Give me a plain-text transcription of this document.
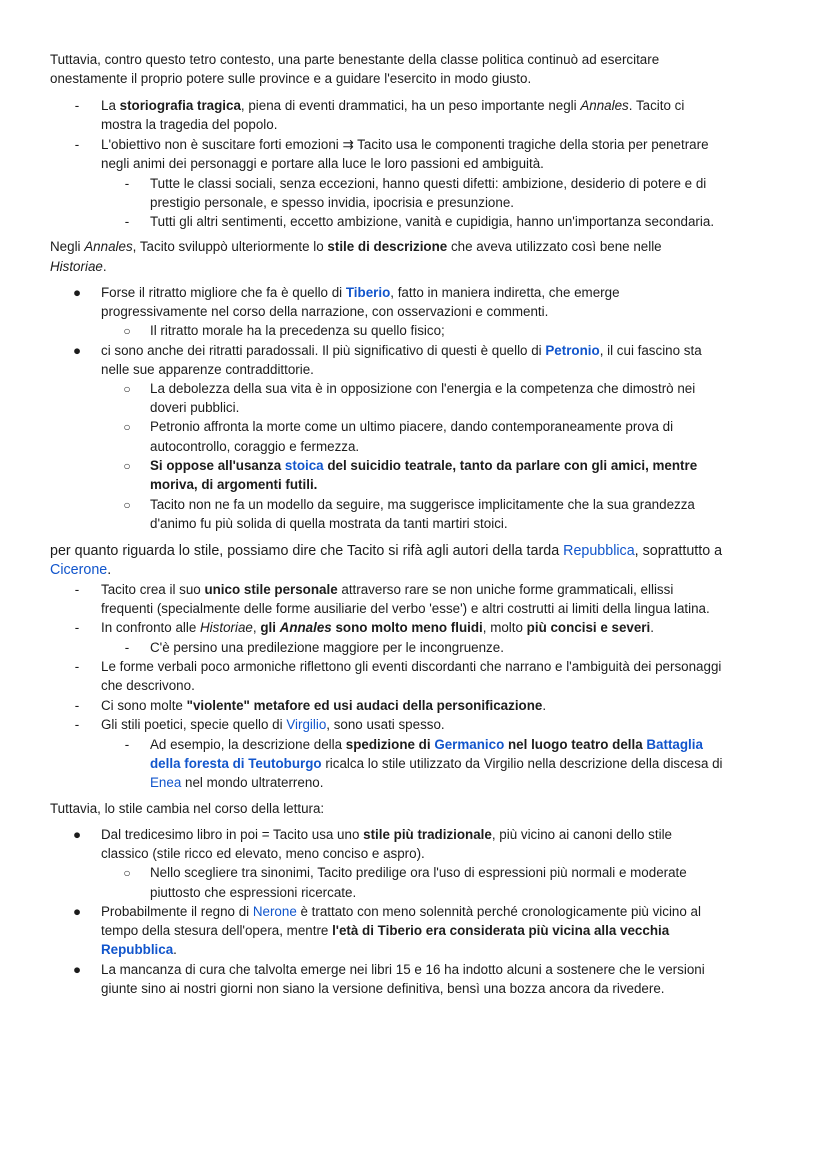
Tuttavia, contro questo tetro contesto, una parte benestante della classe politica continuò ad esercitare
onestamente il proprio potere sulle province e a guidare l'esercito in modo giusto.
-	La storiografia tragica, piena di eventi drammatici, ha un peso importante negli Annales. Tacito ci
mostra la tragedia del popolo.
-	L'obiettivo non è suscitare forti emozioni ⇉ Tacito usa le componenti tragiche della storia per penetrare
negli animi dei personaggi e portare alla luce le loro passioni ed ambiguità.
-	Tutte le classi sociali, senza eccezioni, hanno questi difetti: ambizione, desiderio di potere e di
prestigio personale, e spesso invidia, ipocrisia e presunzione.
-	Tutti gli altri sentimenti, eccetto ambizione, vanità e cupidigia, hanno un'importanza secondaria.
Negli Annales, Tacito sviluppò ulteriormente lo stile di descrizione che aveva utilizzato così bene nelle
Historiae.
● Forse il ritratto migliore che fa è quello di Tiberio, fatto in maniera indiretta, che emerge
progressivamente nel corso della narrazione, con osservazioni e commenti.
○ Il ritratto morale ha la precedenza su quello fisico;
● ci sono anche dei ritratti paradossali. Il più significativo di questi è quello di Petronio, il cui fascino sta
nelle sue apparenze contraddittorie.
○ La debolezza della sua vita è in opposizione con l'energia e la competenza che dimostrò nei
doveri pubblici.
○ Petronio affronta la morte come un ultimo piacere, dando contemporaneamente prova di
autocontrollo, coraggio e fermezza.
○ Si oppose all'usanza stoica del suicidio teatrale, tanto da parlare con gli amici, mentre
moriva, di argomenti futili.
○ Tacito non ne fa un modello da seguire, ma suggerisce implicitamente che la sua grandezza
d'animo fu più solida di quella mostrata da tanti martiri stoici.
per quanto riguarda lo stile, possiamo dire che Tacito si rifà agli autori della tarda Repubblica, soprattutto a
Cicerone.
-	Tacito crea il suo unico stile personale attraverso rare se non uniche forme grammaticali, ellissi
frequenti (specialmente delle forme ausiliarie del verbo 'esse') e altri costrutti ai limiti della lingua latina.
-	In confronto alle Historiae, gli Annales sono molto meno fluidi, molto più concisi e severi.
-	C'è persino una predilezione maggiore per le incongruenze.
-	Le forme verbali poco armoniche riflettono gli eventi discordanti che narrano e l'ambiguità dei personaggi
che descrivono.
-	Ci sono molte "violente" metafore ed usi audaci della personificazione.
-	Gli stili poetici, specie quello di Virgilio, sono usati spesso.
-	Ad esempio, la descrizione della spedizione di Germanico nel luogo teatro della Battaglia
della foresta di Teutoburgo ricalca lo stile utilizzato da Virgilio nella descrizione della discesa di
Enea nel mondo ultraterreno.
Tuttavia, lo stile cambia nel corso della lettura:
● Dal tredicesimo libro in poi = Tacito usa uno stile più tradizionale, più vicino ai canoni dello stile
classico (stile ricco ed elevato, meno conciso e aspro).
○ Nello scegliere tra sinonimi, Tacito predilige ora l'uso di espressioni più normali e moderate
piuttosto che espressioni ricercate.
● Probabilmente il regno di Nerone è trattato con meno solennità perché cronologicamente più vicino al
tempo della stesura dell'opera, mentre l'età di Tiberio era considerata più vicina alla vecchia
Repubblica.
● La mancanza di cura che talvolta emerge nei libri 15 e 16 ha indotto alcuni a sostenere che le versioni
giunte sino ai nostri giorni non siano la versione definitiva, bensì una bozza ancora da rivedere.
